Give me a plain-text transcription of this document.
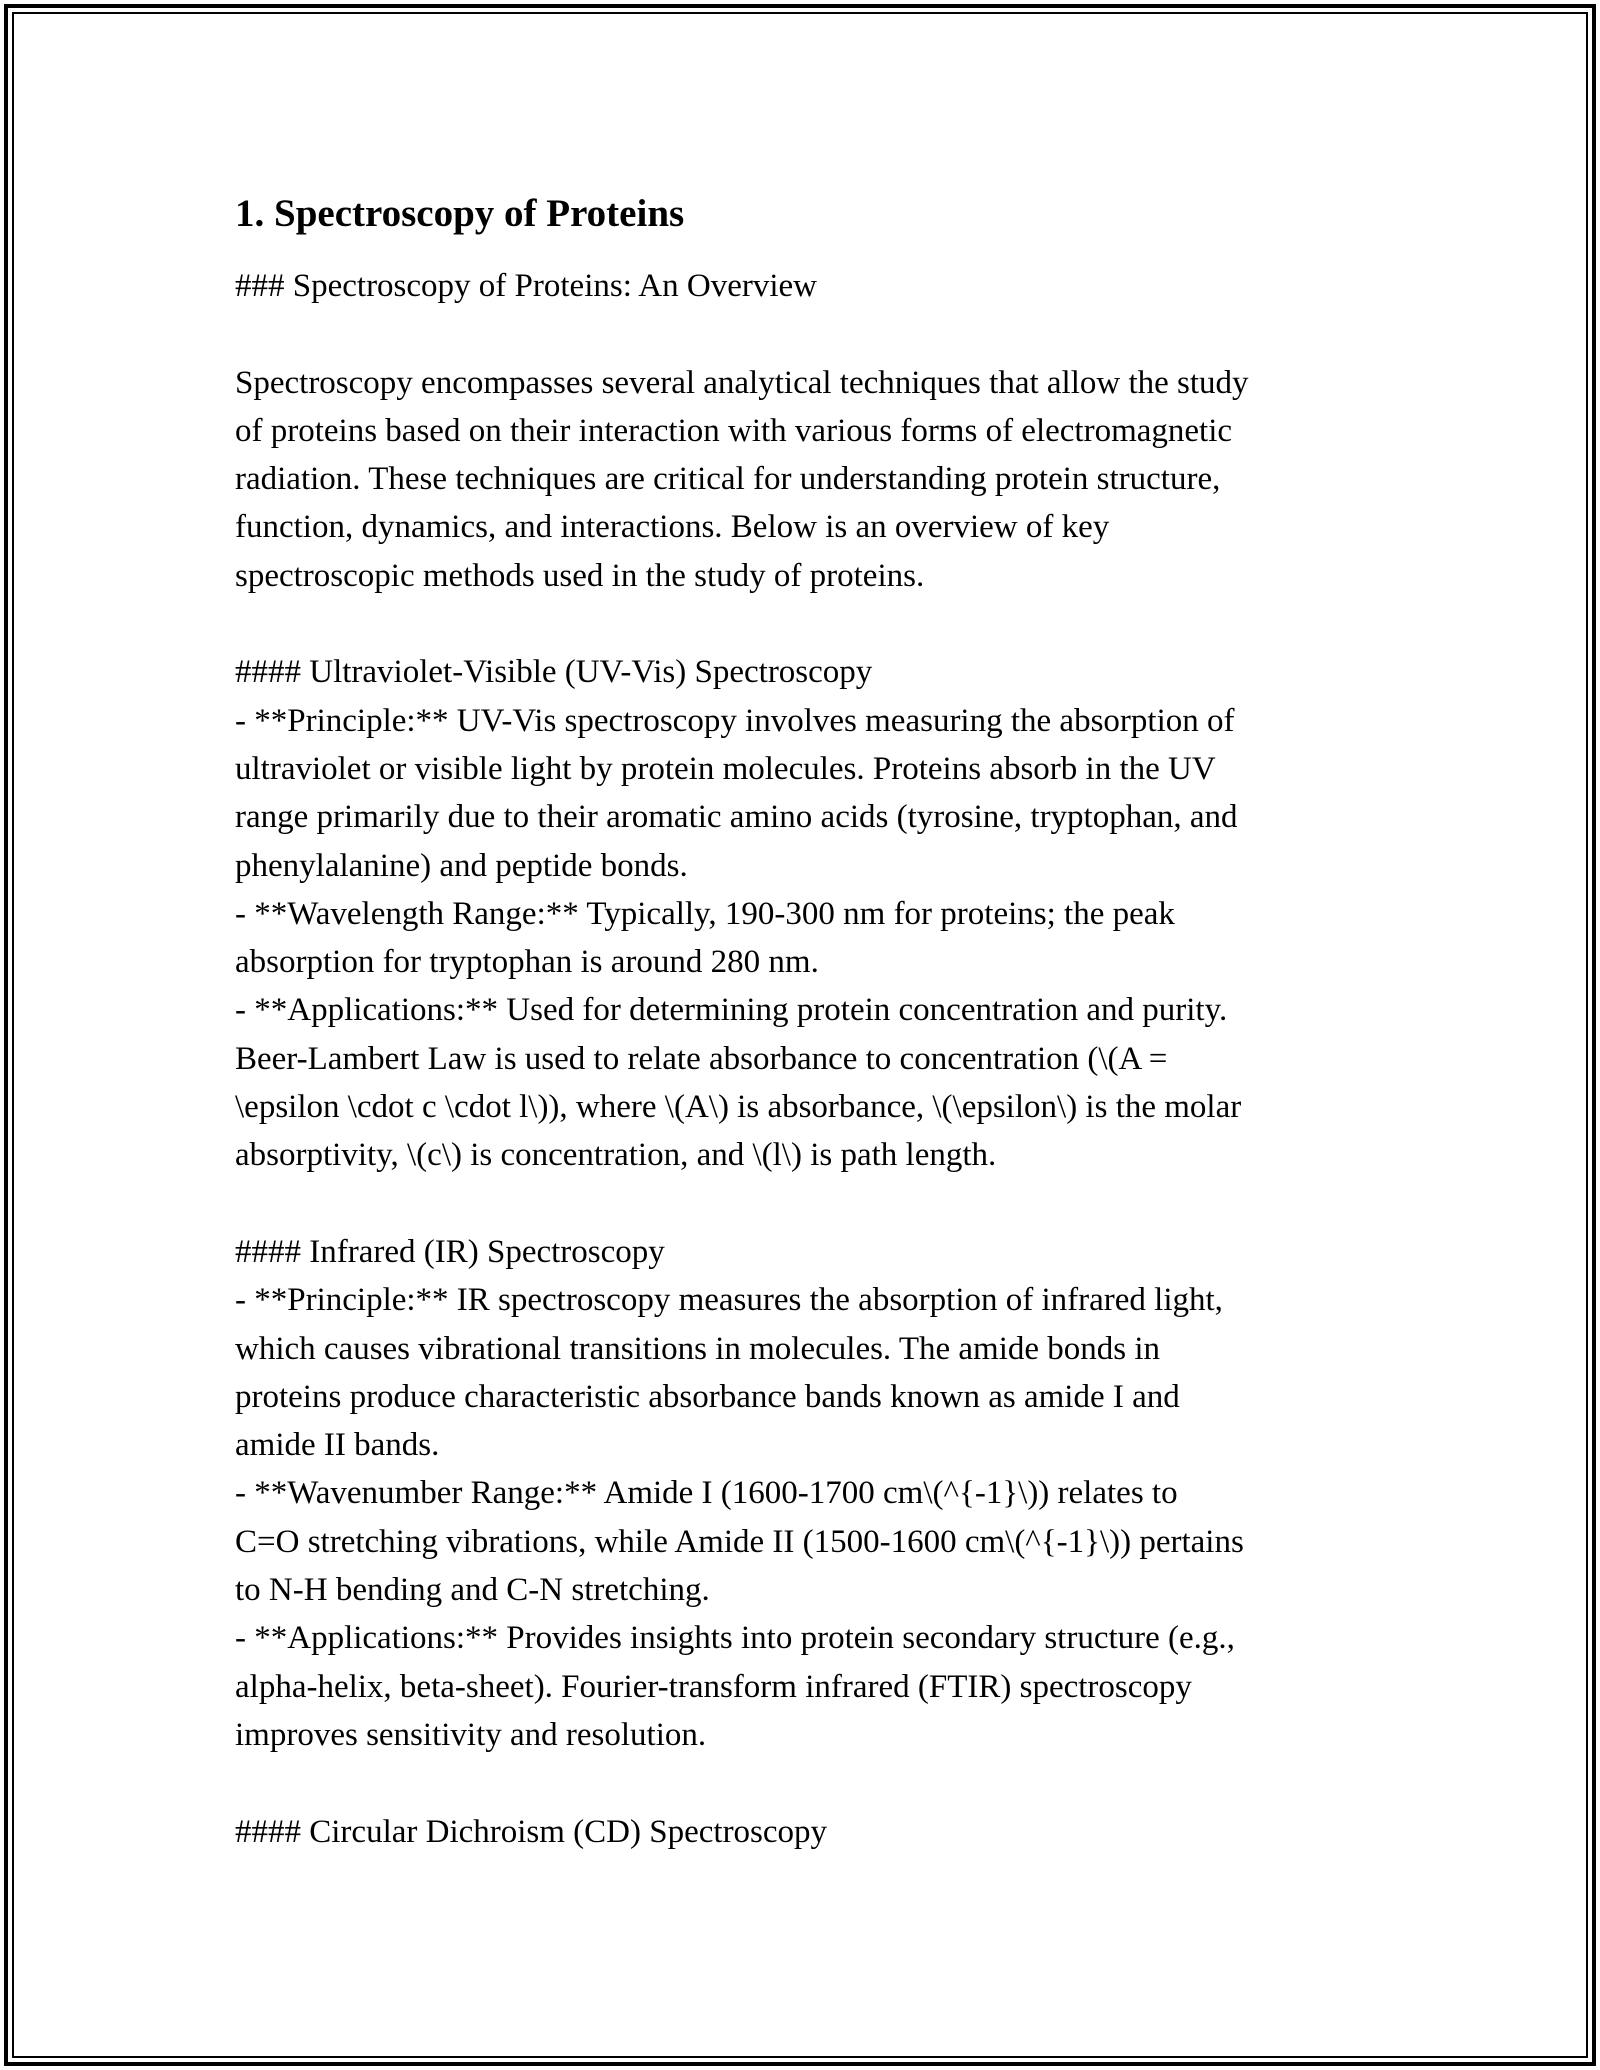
1. Spectroscopy of Proteins

### Spectroscopy of Proteins: An Overview

Spectroscopy encompasses several analytical techniques that allow the study

of proteins based on their interaction with various forms of electromagnetic

radiation. These techniques are critical for understanding protein structure,

function, dynamics, and interactions. Below is an overview of key

spectroscopic methods used in the study of proteins.

#### Ultraviolet-Visible (UV-Vis) Spectroscopy

- **Principle:** UV-Vis spectroscopy involves measuring the absorption of

ultraviolet or visible light by protein molecules. Proteins absorb in the UV

range primarily due to their aromatic amino acids (tyrosine, tryptophan, and

phenylalanine) and peptide bonds.

- **Wavelength Range:** Typically, 190-300 nm for proteins; the peak

absorption for tryptophan is around 280 nm.

- **Applications:** Used for determining protein concentration and purity.

Beer-Lambert Law is used to relate absorbance to concentration (\(A =

\epsilon \cdot c \cdot l\)), where \(A\) is absorbance, \(\epsilon\) is the molar

absorptivity, \(c\) is concentration, and \(l\) is path length.

#### Infrared (IR) Spectroscopy

- **Principle:** IR spectroscopy measures the absorption of infrared light,

which causes vibrational transitions in molecules. The amide bonds in

proteins produce characteristic absorbance bands known as amide I and

amide II bands.

- **Wavenumber Range:** Amide I (1600-1700 cm\(^{-1}\)) relates to

C=O stretching vibrations, while Amide II (1500-1600 cm\(^{-1}\)) pertains

to N-H bending and C-N stretching.

- **Applications:** Provides insights into protein secondary structure (e.g.,

alpha-helix, beta-sheet). Fourier-transform infrared (FTIR) spectroscopy

improves sensitivity and resolution.

#### Circular Dichroism (CD) Spectroscopy
